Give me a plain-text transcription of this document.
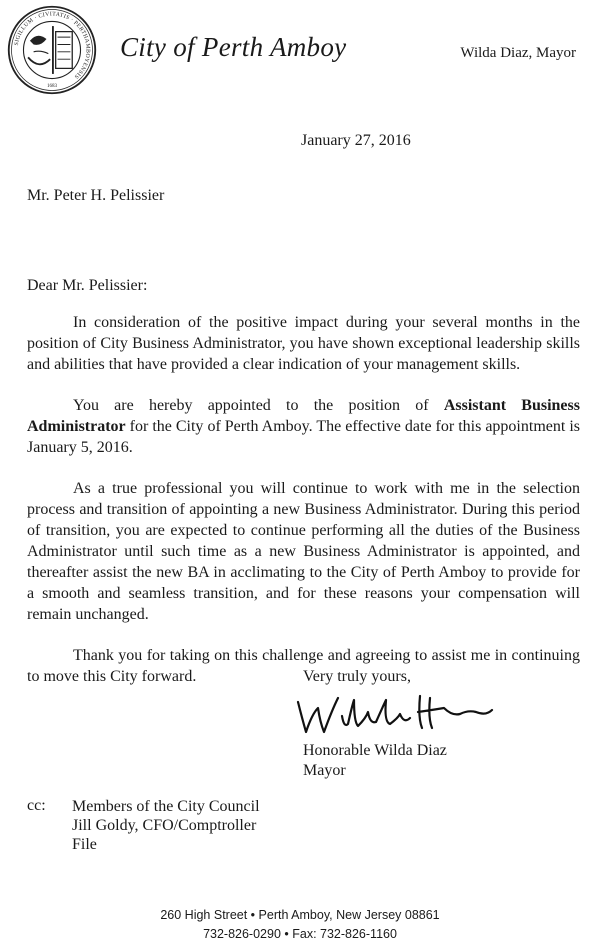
SIGILLUM · CIVITATIS · PERTHAMBOYENSIS
1683
City of Perth Amboy	Wilda Diaz, Mayor
January 27, 2016
Mr. Peter H. Pelissier
Dear Mr. Pelissier:

In consideration of the positive impact during your several months in the position of City Business Administrator, you have shown exceptional leadership skills and abilities that have provided a clear indication of your management skills.

You are hereby appointed to the position of Assistant Business Administrator for the City of Perth Amboy. The effective date for this appointment is January 5, 2016.

As a true professional you will continue to work with me in the selection process and transition of appointing a new Business Administrator. During this period of transition, you are expected to continue performing all the duties of the Business Administrator until such time as a new Business Administrator is appointed, and thereafter assist the new BA in acclimating to the City of Perth Amboy to provide for a smooth and seamless transition, and for these reasons your compensation will remain unchanged.

Thank you for taking on this challenge and agreeing to assist me in continuing to move this City forward.	Very truly yours,
Honorable Wilda Diaz
Mayor
cc: Members of the City Council
Jill Goldy, CFO/Comptroller
File
260 High Street • Perth Amboy, New Jersey 08861
732-826-0290 • Fax: 732-826-1160
